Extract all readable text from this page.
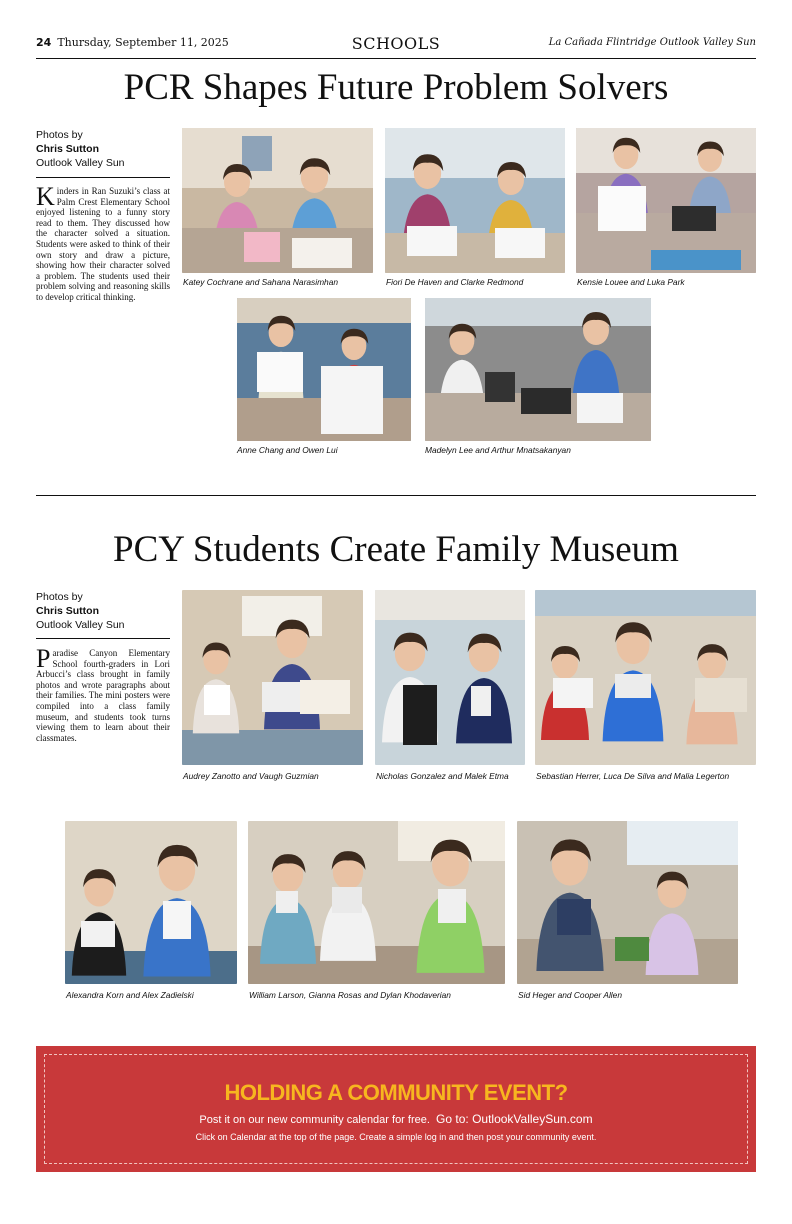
24 Thursday, September 11, 2025	SCHOOLS	La Cañada Flintridge Outlook Valley Sun
PCR Shapes Future Problem Solvers
Photos by
Chris Sutton
Outlook Valley Sun
Kinders in Ran Suzuki’s class at Palm Crest Elementary School enjoyed listening to a funny story read to them. They discussed how the character solved a situation. Students were asked to think of their own story and draw a picture, showing how their character solved a problem. The students used their problem solving and reasoning skills to develop critical thinking.
Katey Cochrane and Sahana Narasimhan	Fiori De Haven and Clarke Redmond	Kensie Louee and Luka Park
Anne Chang and Owen Lui	Madelyn Lee and Arthur Mnatsakanyan
PCY Students Create Family Museum
Photos by
Chris Sutton
Outlook Valley Sun
Paradise Canyon Elementary School fourth-graders in Lori Arbucci’s class brought in family photos and wrote paragraphs about their families. The mini posters were compiled into a class family museum, and students took turns viewing them to learn about their classmates.
Audrey Zanotto and Vaugh Guzmian	Nicholas Gonzalez and Malek Etma	Sebastian Herrer, Luca De Silva and Malia Legerton
Alexandra Korn and Alex Zadielski	William Larson, Gianna Rosas and Dylan Khodaverian	Sid Heger and Cooper Allen
HOLDING A COMMUNITY EVENT?
Post it on our new community calendar for free. Go to: OutlookValleySun.com
Click on Calendar at the top of the page. Create a simple log in and then post your community event.
